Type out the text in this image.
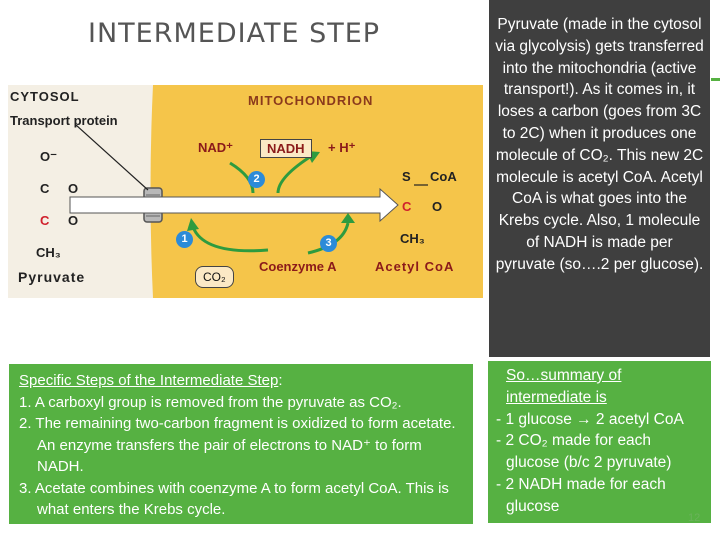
INTERMEDIATE STEP
CYTOSOL	MITOCHONDRION
Transport protein
NAD⁺	NADH	+ H⁺
Coenzyme A	Acetyl CoA
Pyruvate	CO₂
O⁻
C O
C O
CH₃
S CoA
C O
CH₃
1
2
3
Specific Steps of the Intermediate Step:
1. A carboxyl group is removed from the pyruvate as CO₂.
2. The remaining two-carbon fragment is oxidized to form acetate. An enzyme transfers the pair of electrons to NAD⁺ to form NADH.
3. Acetate combines with coenzyme A to form acetyl CoA. This is what enters the Krebs cycle.
Pyruvate (made in the cytosol via glycolysis) gets transferred into the mitochondria (active transport!). As it comes in, it loses a carbon (goes from 3C to 2C) when it produces one molecule of CO₂. This new 2C molecule is acetyl CoA. Acetyl CoA is what goes into the Krebs cycle. Also, 1 molecule of NADH is made per pyruvate (so….2 per glucose).
So…summary of intermediate is
- 1 glucose → 2 acetyl CoA
- 2 CO₂ made for each glucose (b/c 2 pyruvate)
- 2 NADH made for each glucose
12
